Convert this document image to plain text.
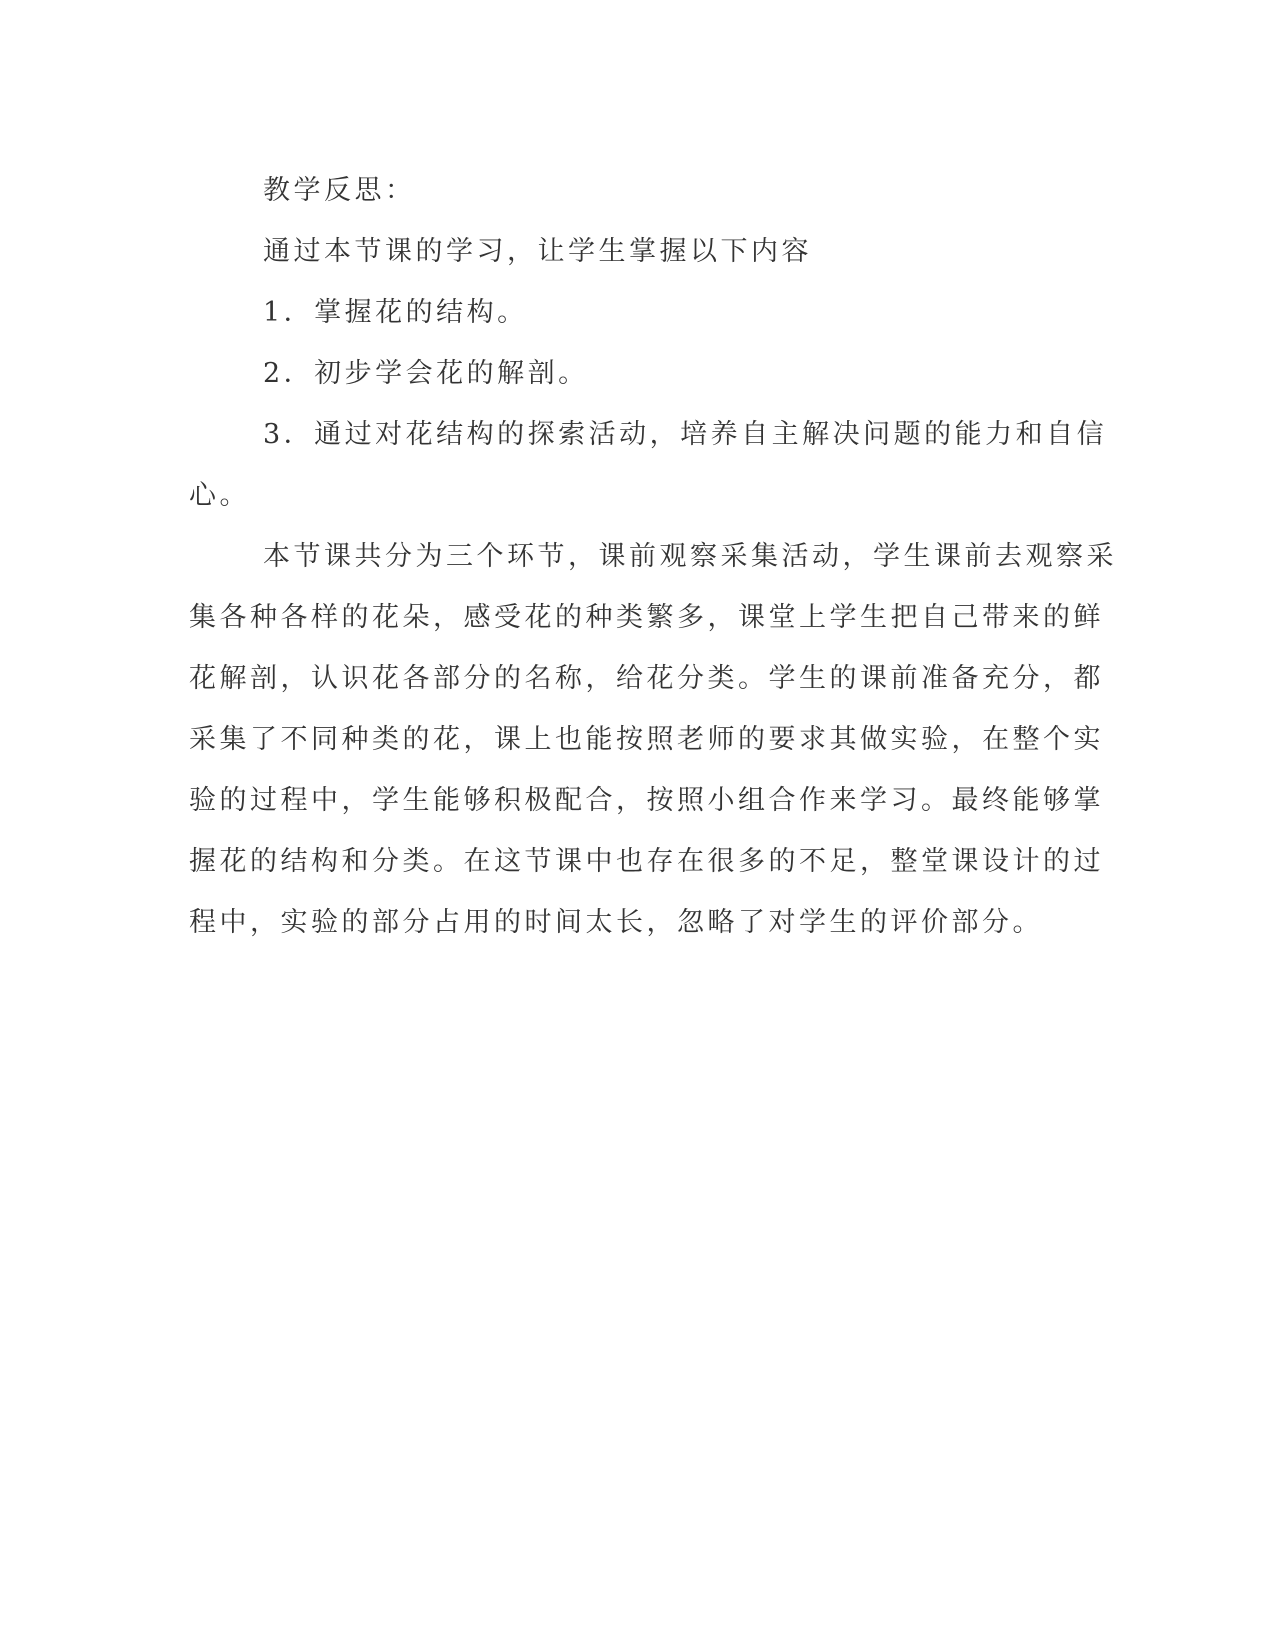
教学反思：

通过本节课的学习，让学生掌握以下内容

1．掌握花的结构。

2．初步学会花的解剖。

3．通过对花结构的探索活动，培养自主解决问题的能力和自信

心。

本节课共分为三个环节，课前观察采集活动，学生课前去观察采

集各种各样的花朵，感受花的种类繁多，课堂上学生把自己带来的鲜

花解剖，认识花各部分的名称，给花分类。学生的课前准备充分，都

采集了不同种类的花，课上也能按照老师的要求其做实验，在整个实

验的过程中，学生能够积极配合，按照小组合作来学习。最终能够掌

握花的结构和分类。在这节课中也存在很多的不足，整堂课设计的过

程中，实验的部分占用的时间太长，忽略了对学生的评价部分。
